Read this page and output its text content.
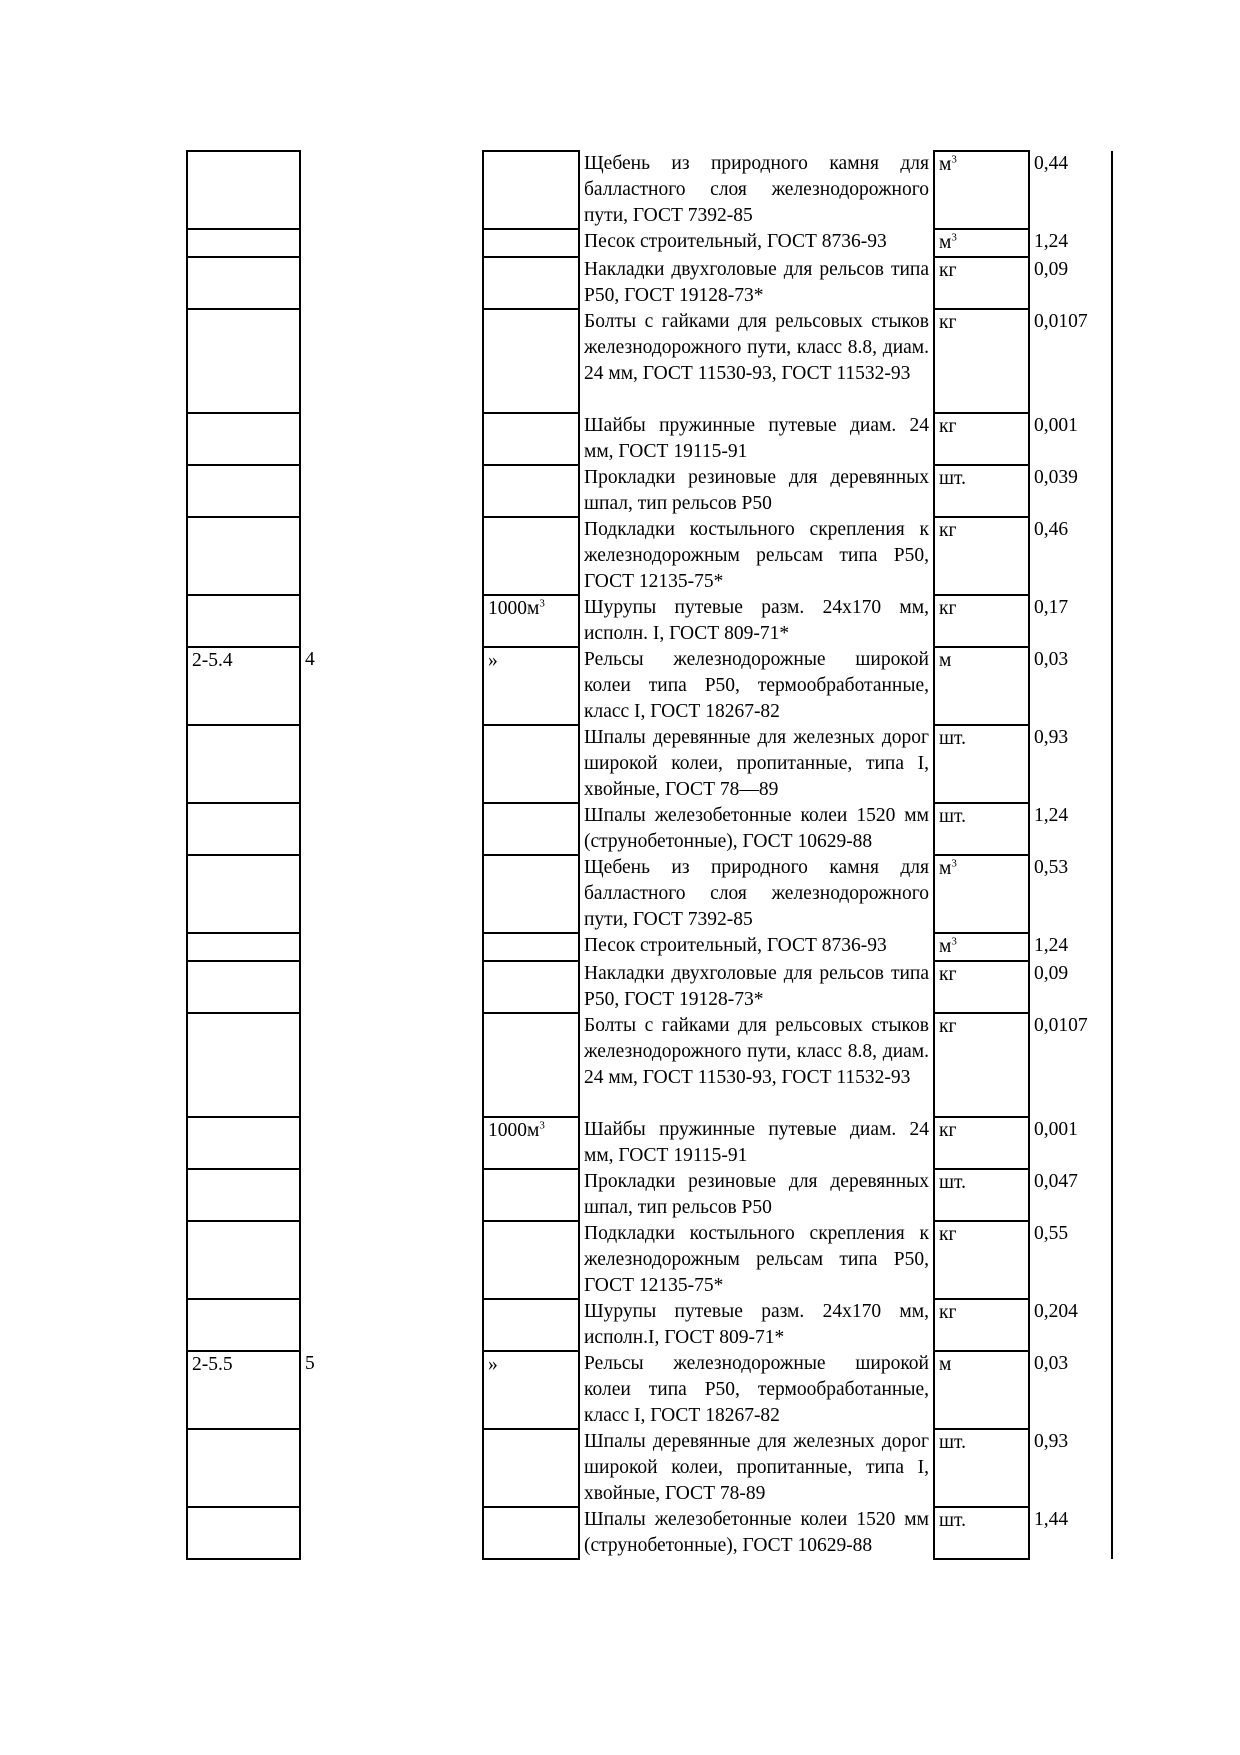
			Щебень из природного камня для балластного слоя железнодорожного пути, ГОСТ 7392-85	$м^3$	0,44
			Песок строительный, ГОСТ 8736-93	$м^3$	1,24
			Накладки двухголовые для рельсов типа Р50, ГОСТ 19128-73*	кг	0,09
			Болты с гайками для рельсовых стыков железнодорожного пути, класс 8.8, диам. 24 мм, ГОСТ 11530-93, ГОСТ 11532-93	кг	0,0107
			Шайбы пружинные путевые диам. 24 мм, ГОСТ 19115-91	кг	0,001
			Прокладки резиновые для деревянных шпал, тип рельсов Р50	шт.	0,039
			Подкладки костыльного скрепления к железнодорожным рельсам типа Р50, ГОСТ 12135-75*	кг	0,46
		$1000м^3$	Шурупы путевые разм. 24х170 мм, исполн. I, ГОСТ 809-71*	кг	0,17
2-5.4	4	»	Рельсы железнодорожные широкой колеи типа Р50, термообработанные, класс I, ГОСТ 18267-82	м	0,03
			Шпалы деревянные для железных дорог широкой колеи, пропитанные, типа I, хвойные, ГОСТ 78—89	шт.	0,93
			Шпалы железобетонные колеи 1520 мм (струнобетонные), ГОСТ 10629-88	шт.	1,24
			Щебень из природного камня для балластного слоя железнодорожного пути, ГОСТ 7392-85	$м^3$	0,53
			Песок строительный, ГОСТ 8736-93	$м^3$	1,24
			Накладки двухголовые для рельсов типа Р50, ГОСТ 19128-73*	кг	0,09
			Болты с гайками для рельсовых стыков железнодорожного пути, класс 8.8, диам. 24 мм, ГОСТ 11530-93, ГОСТ 11532-93	кг	0,0107
		$1000м^3$	Шайбы пружинные путевые диам. 24 мм, ГОСТ 19115-91	кг	0,001
			Прокладки резиновые для деревянных шпал, тип рельсов Р50	шт.	0,047
			Подкладки костыльного скрепления к железнодорожным рельсам типа Р50, ГОСТ 12135-75*	кг	0,55
			Шурупы путевые разм. 24х170 мм, исполн.I, ГОСТ 809-71*	кг	0,204
2-5.5	5	»	Рельсы железнодорожные широкой колеи типа Р50, термообработанные, класс I, ГОСТ 18267-82	м	0,03
			Шпалы деревянные для железных дорог широкой колеи, пропитанные, типа I, хвойные, ГОСТ 78-89	шт.	0,93
			Шпалы железобетонные колеи 1520 мм (струнобетонные), ГОСТ 10629-88	шт.	1,44
